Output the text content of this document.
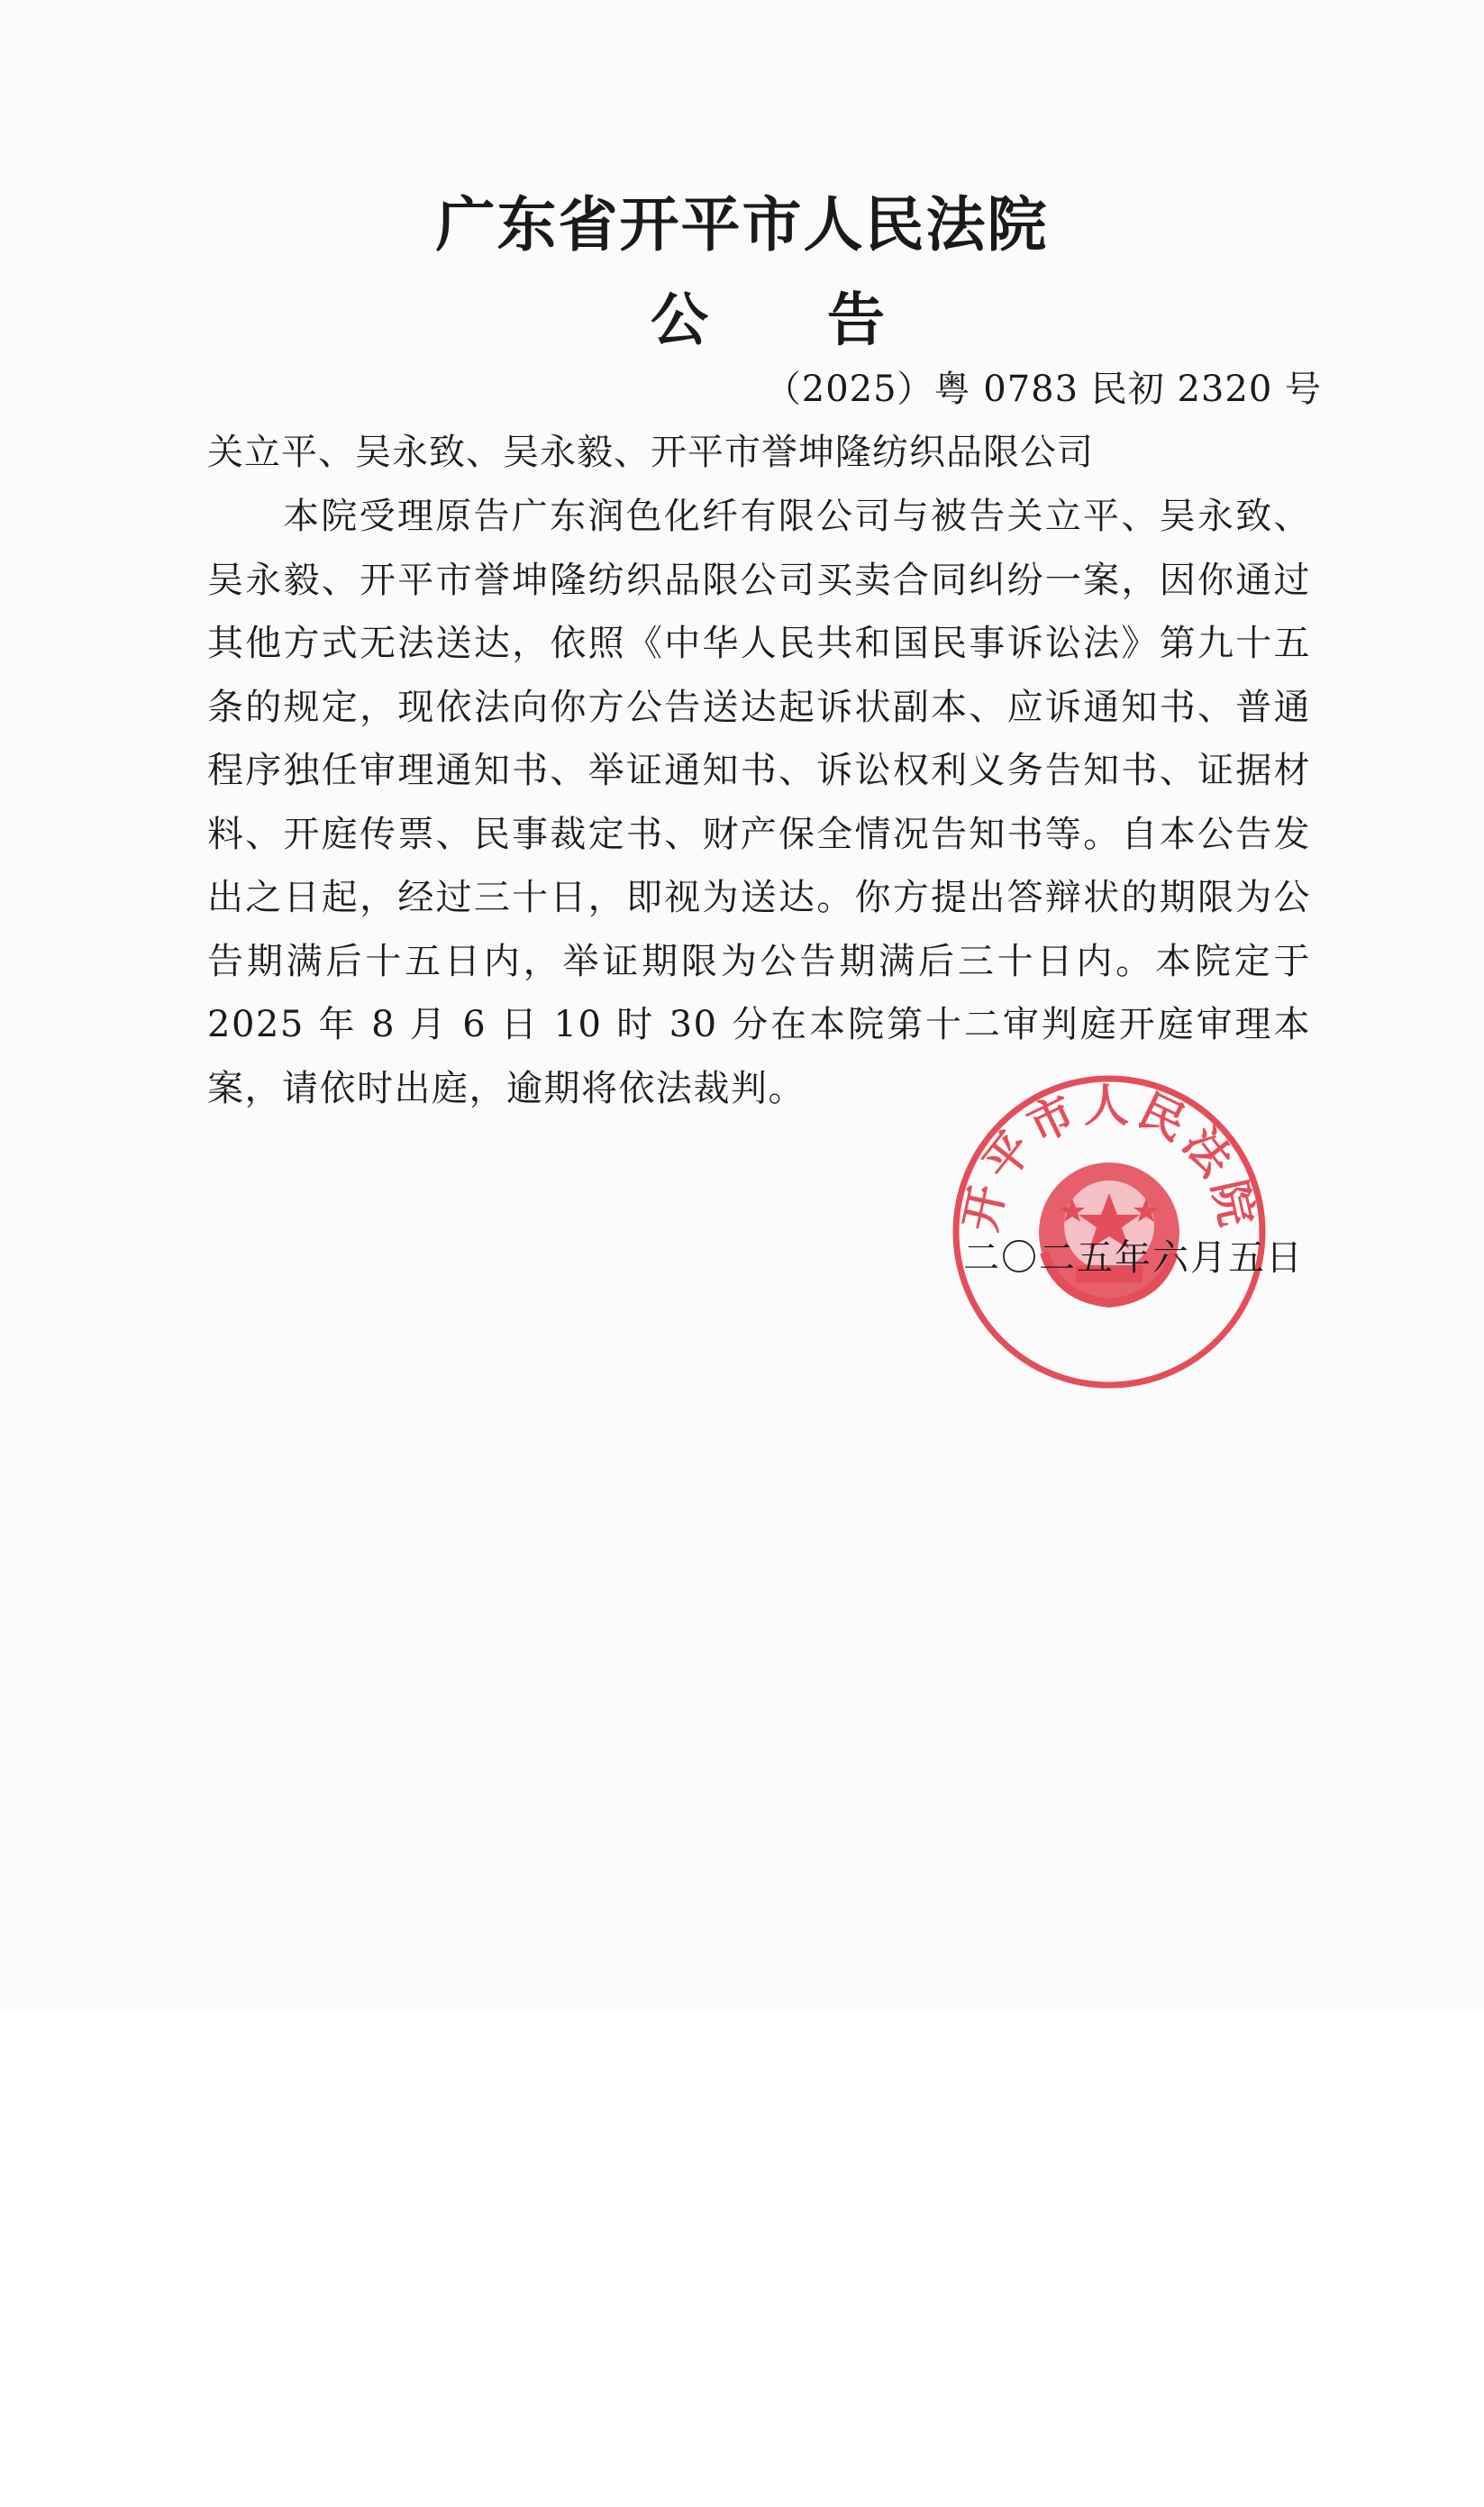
广东省开平市人民法院
公 告
（2025）粤 0783 民初 2320 号
关立平、吴永致、吴永毅、开平市誉坤隆纺织品限公司

本院受理原告广东润色化纤有限公司与被告关立平、吴永致、吴永毅、开平市誉坤隆纺织品限公司买卖合同纠纷一案，因你通过其他方式无法送达，依照《中华人民共和国民事诉讼法》第九十五条的规定，现依法向你方公告送达起诉状副本、应诉通知书、普通程序独任审理通知书、举证通知书、诉讼权利义务告知书、证据材料、开庭传票、民事裁定书、财产保全情况告知书等。自本公告发出之日起，经过三十日，即视为送达。你方提出答辩状的期限为公告期满后十五日内，举证期限为公告期满后三十日内。本院定于 2025 年 8 月 6 日 10 时 30 分在本院第十二审判庭开庭审理本案，请依时出庭，逾期将依法裁判。

开平市人民法院
二〇二五年六月五日
